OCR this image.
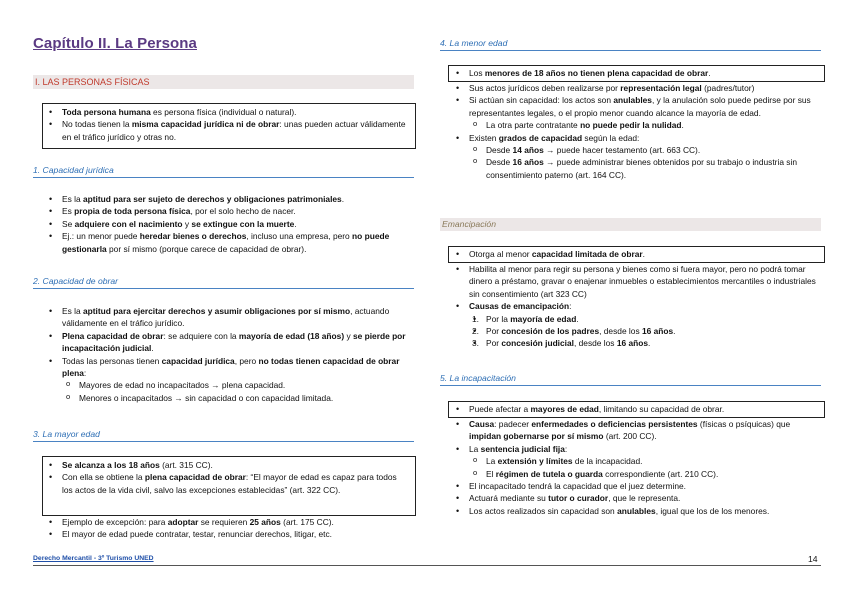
Capítulo II. La Persona
I. LAS PERSONAS FÍSICAS
• Toda persona humana es persona física (individual o natural).
• No todas tienen la misma capacidad jurídica ni de obrar: unas pueden actuar válidamente en el tráfico jurídico y otras no.
1. Capacidad jurídica
• Es la aptitud para ser sujeto de derechos y obligaciones patrimoniales.
• Es propia de toda persona física, por el solo hecho de nacer.
• Se adquiere con el nacimiento y se extingue con la muerte.
• Ej.: un menor puede heredar bienes o derechos, incluso una empresa, pero no puede gestionarla por sí mismo (porque carece de capacidad de obrar).
2. Capacidad de obrar
• Es la aptitud para ejercitar derechos y asumir obligaciones por sí mismo, actuando válidamente en el tráfico jurídico.
• Plena capacidad de obrar: se adquiere con la mayoría de edad (18 años) y se pierde por incapacitación judicial.
• Todas las personas tienen capacidad jurídica, pero no todas tienen capacidad de obrar plena:
o Mayores de edad no incapacitados → plena capacidad.
o Menores o incapacitados → sin capacidad o con capacidad limitada.
3. La mayor edad
• Se alcanza a los 18 años (art. 315 CC).
• Con ella se obtiene la plena capacidad de obrar: “El mayor de edad es capaz para todos los actos de la vida civil, salvo las excepciones establecidas” (art. 322 CC).
• Ejemplo de excepción: para adoptar se requieren 25 años (art. 175 CC).
• El mayor de edad puede contratar, testar, renunciar derechos, litigar, etc.
4. La menor edad
• Los menores de 18 años no tienen plena capacidad de obrar.
• Sus actos jurídicos deben realizarse por representación legal (padres/tutor)
• Si actúan sin capacidad: los actos son anulables, y la anulación solo puede pedirse por sus representantes legales, o el propio menor cuando alcance la mayoría de edad.
o La otra parte contratante no puede pedir la nulidad.
• Existen grados de capacidad según la edad:
o Desde 14 años → puede hacer testamento (art. 663 CC).
o Desde 16 años → puede administrar bienes obtenidos por su trabajo o industria sin consentimiento paterno (art. 164 CC).
Emancipación
• Otorga al menor capacidad limitada de obrar.
• Habilita al menor para regir su persona y bienes como si fuera mayor, pero no podrá tomar dinero a préstamo, gravar o enajenar inmuebles o establecimientos mercantiles o industriales sin consentimiento (art 323 CC)
• Causas de emancipación:
• 1. Por la mayoría de edad.
• 2. Por concesión de los padres, desde los 16 años.
• 3. Por concesión judicial, desde los 16 años.
5. La incapacitación
• Puede afectar a mayores de edad, limitando su capacidad de obrar.
• Causa: padecer enfermedades o deficiencias persistentes (físicas o psíquicas) que impidan gobernarse por sí mismo (art. 200 CC).
• La sentencia judicial fija:
o La extensión y límites de la incapacidad.
o El régimen de tutela o guarda correspondiente (art. 210 CC).
• El incapacitado tendrá la capacidad que el juez determine.
• Actuará mediante su tutor o curador, que le representa.
• Los actos realizados sin capacidad son anulables, igual que los de los menores.
Derecho Mercantil - 3º Turismo UNED	14
